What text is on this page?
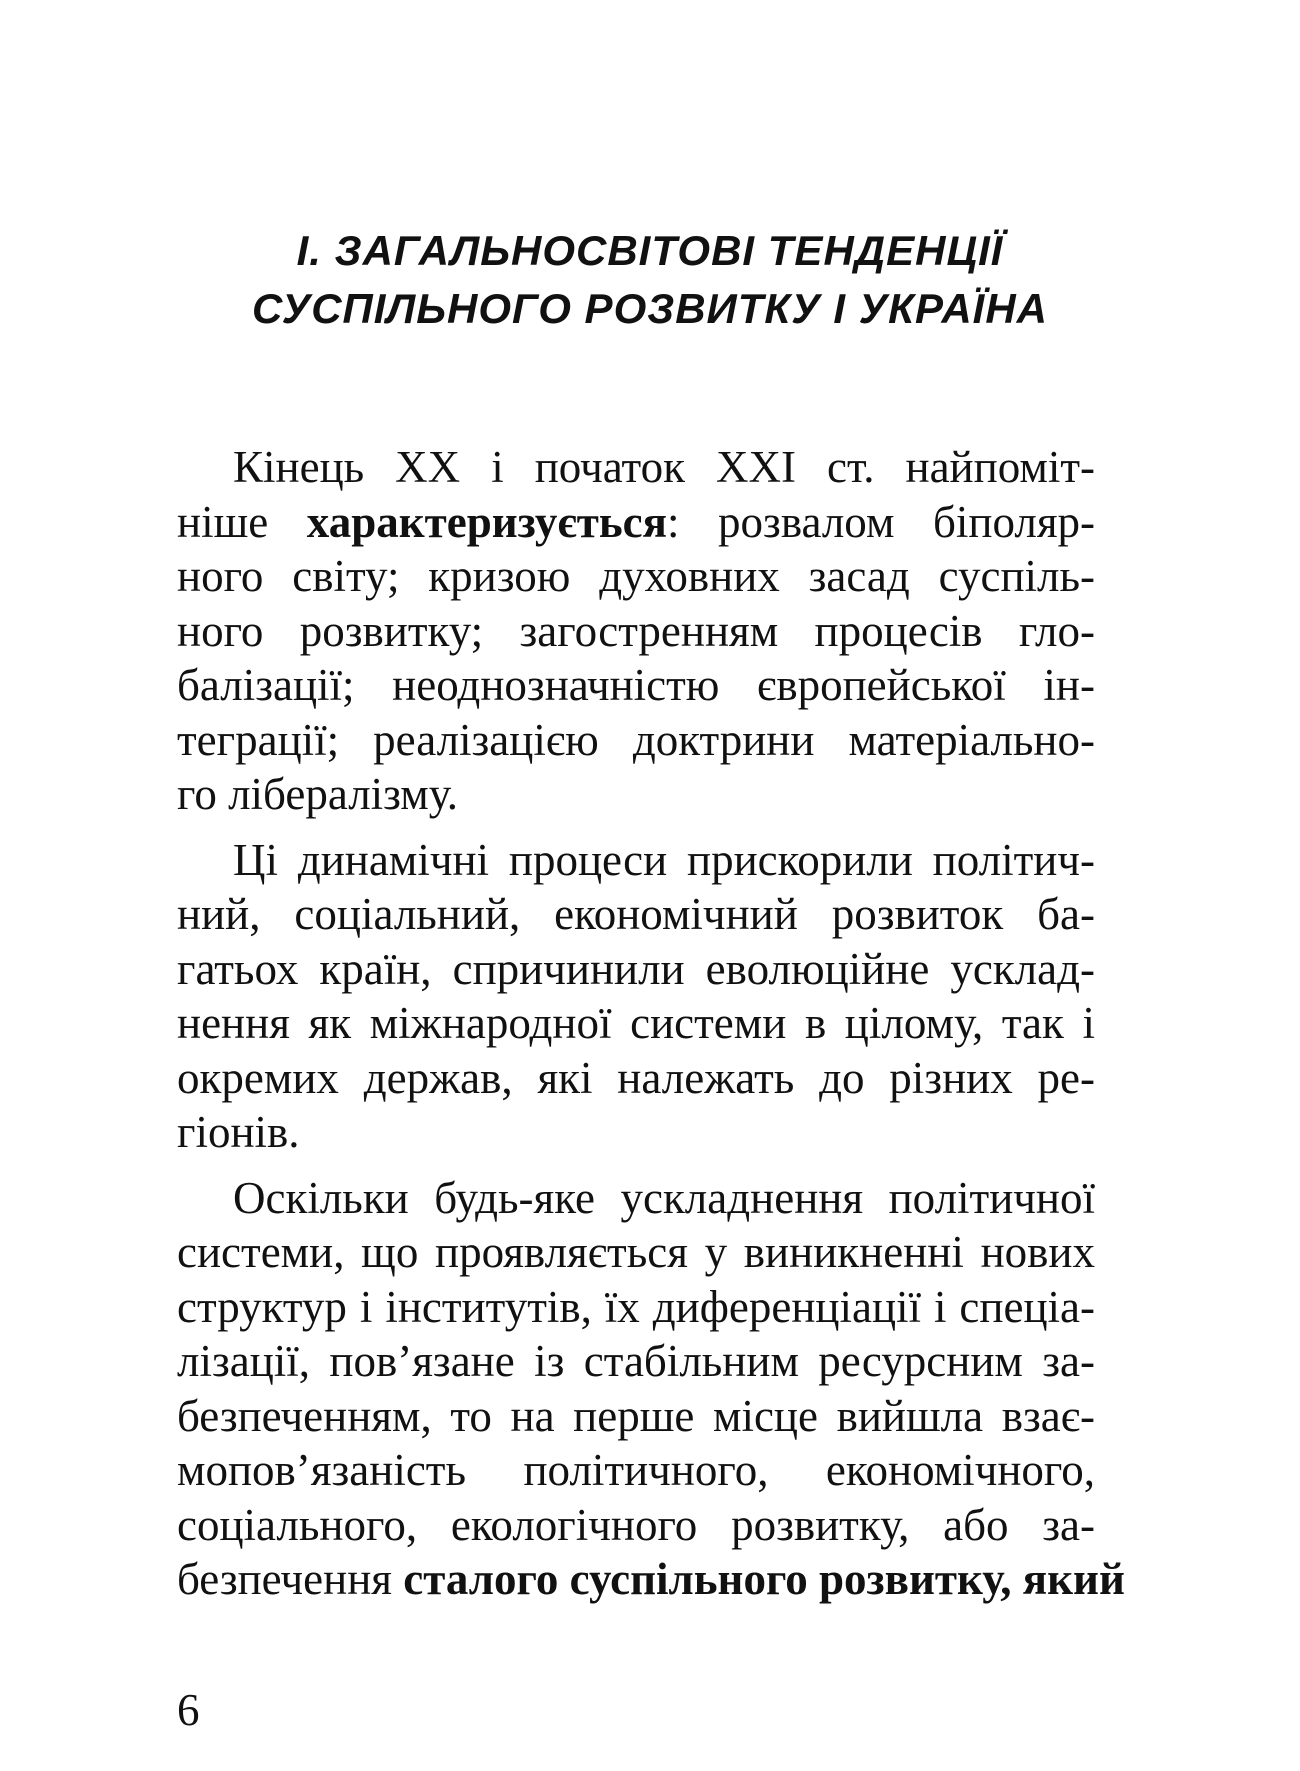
І. ЗАГАЛЬНОСВІТОВІ ТЕНДЕНЦІЇ
СУСПІЛЬНОГО РОЗВИТКУ І УКРАЇНА
Кінець XX і початок XXI ст. найпоміт-
ніше характеризується: розвалом біполяр-
ного світу; кризою духовних засад суспіль-
ного розвитку; загостренням процесів гло-
балізації; неоднозначністю європейської ін-
теграції; реалізацією доктрини матеріально-
го лібералізму.
Ці динамічні процеси прискорили політич-
ний, соціальний, економічний розвиток ба-
гатьох країн, спричинили еволюційне усклад-
нення як міжнародної системи в цілому, так і
окремих держав, які належать до різних ре-
гіонів.
Оскільки будь-яке ускладнення політичної
системи, що проявляється у виникненні нових
структур і інститутів, їх диференціації і спеціа-
лізації, пов’язане із стабільним ресурсним за-
безпеченням, то на перше місце вийшла взає-
мопов’язаність політичного, економічного,
соціального, екологічного розвитку, або за-
безпечення сталого суспільного розвитку, який
6
